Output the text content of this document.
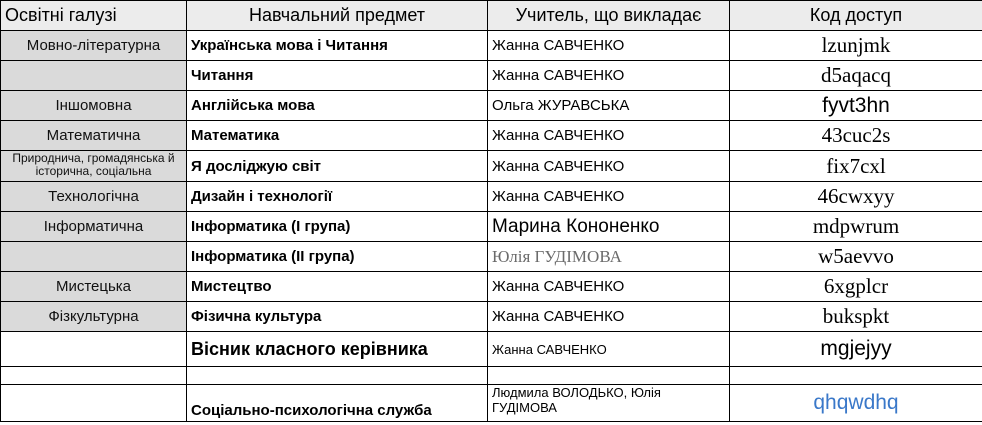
Освітні галузі	Навчальний предмет	Учитель, що викладає	Код доступ
Мовно-літературна	Українська мова і Читання	Жанна САВЧЕНКО	lzunjmk
	Читання	Жанна САВЧЕНКО	d5aqacq
Іншомовна	Англійська мова	Ольга ЖУРАВСЬКА	fyvt3hn
Математична	Математика	Жанна САВЧЕНКО	43cuc2s
Природнича, громадянська й історична, соціальна	Я досліджую світ	Жанна САВЧЕНКО	fix7cxl
Технологічна	Дизайн і технології	Жанна САВЧЕНКО	46cwxyy
Інформатична	Інформатика (І група)	Марина Кононенко	mdpwrum
	Інформатика (ІІ група)	Юлія ГУДІМОВА	w5aevvo
Мистецька	Мистецтво	Жанна САВЧЕНКО	6xgplcr
Фізкультурна	Фізична культура	Жанна САВЧЕНКО	bukspkt
	Вісник класного керівника	Жанна САВЧЕНКО	mgjejyy

	Соціально-психологічна служба	Людмила ВОЛОДЬКО, Юлія ГУДІМОВА	qhqwdhq
